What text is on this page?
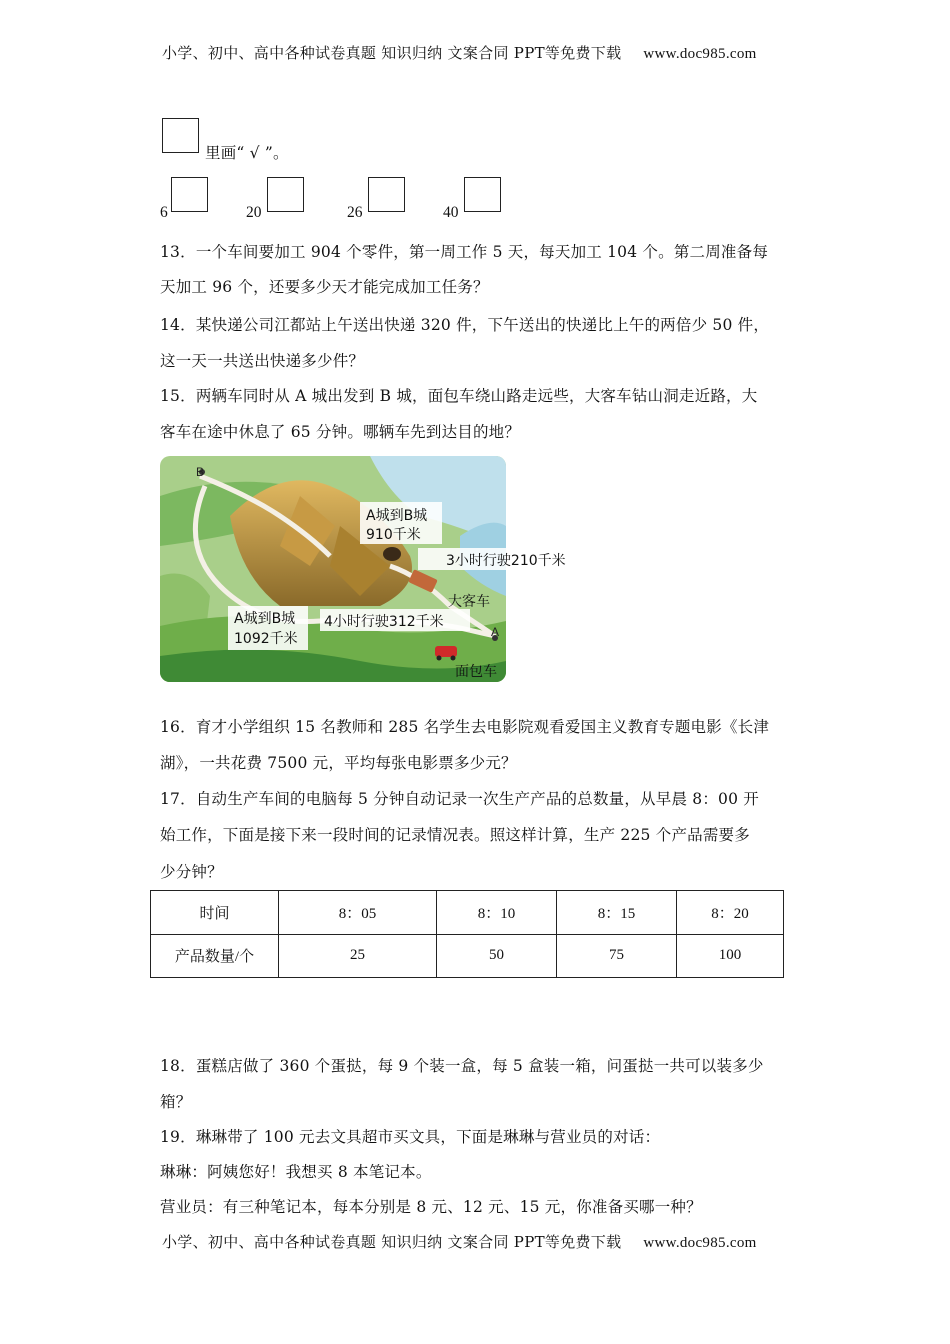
小学、初中、高中各种试卷真题 知识归纳 文案合同 PPT等免费下载 www.doc985.com
里画“ √ ”。
6	20	26	40
13．一个车间要加工 904 个零件，第一周工作 5 天，每天加工 104 个。第二周准备每
天加工 96 个，还要多少天才能完成加工任务？
14．某快递公司江都站上午送出快递 320 件，下午送出的快递比上午的两倍少 50 件，
这一天一共送出快递多少件？
15．两辆车同时从 A 城出发到 B 城，面包车绕山路走远些，大客车钻山洞走近路，大
客车在途中休息了 65 分钟。哪辆车先到达目的地？
B
A
A城到B城
910千米
3小时行驶210千米
大客车
A城到B城
1092千米
4小时行驶312千米
面包车
16．育才小学组织 15 名教师和 285 名学生去电影院观看爱国主义教育专题电影《长津
湖》，一共花费 7500 元，平均每张电影票多少元？
17．自动生产车间的电脑每 5 分钟自动记录一次生产产品的总数量，从早晨 8：00 开
始工作，下面是接下来一段时间的记录情况表。照这样计算，生产 225 个产品需要多
少分钟？
时间	8：05	8：10	8：15	8：20
产品数量/个	25	50	75	100
18．蛋糕店做了 360 个蛋挞，每 9 个装一盒，每 5 盒装一箱，问蛋挞一共可以装多少
箱？
19．琳琳带了 100 元去文具超市买文具，下面是琳琳与营业员的对话：
琳琳：阿姨您好！我想买 8 本笔记本。
营业员：有三种笔记本，每本分别是 8 元、12 元、15 元，你准备买哪一种？
小学、初中、高中各种试卷真题 知识归纳 文案合同 PPT等免费下载 www.doc985.com
